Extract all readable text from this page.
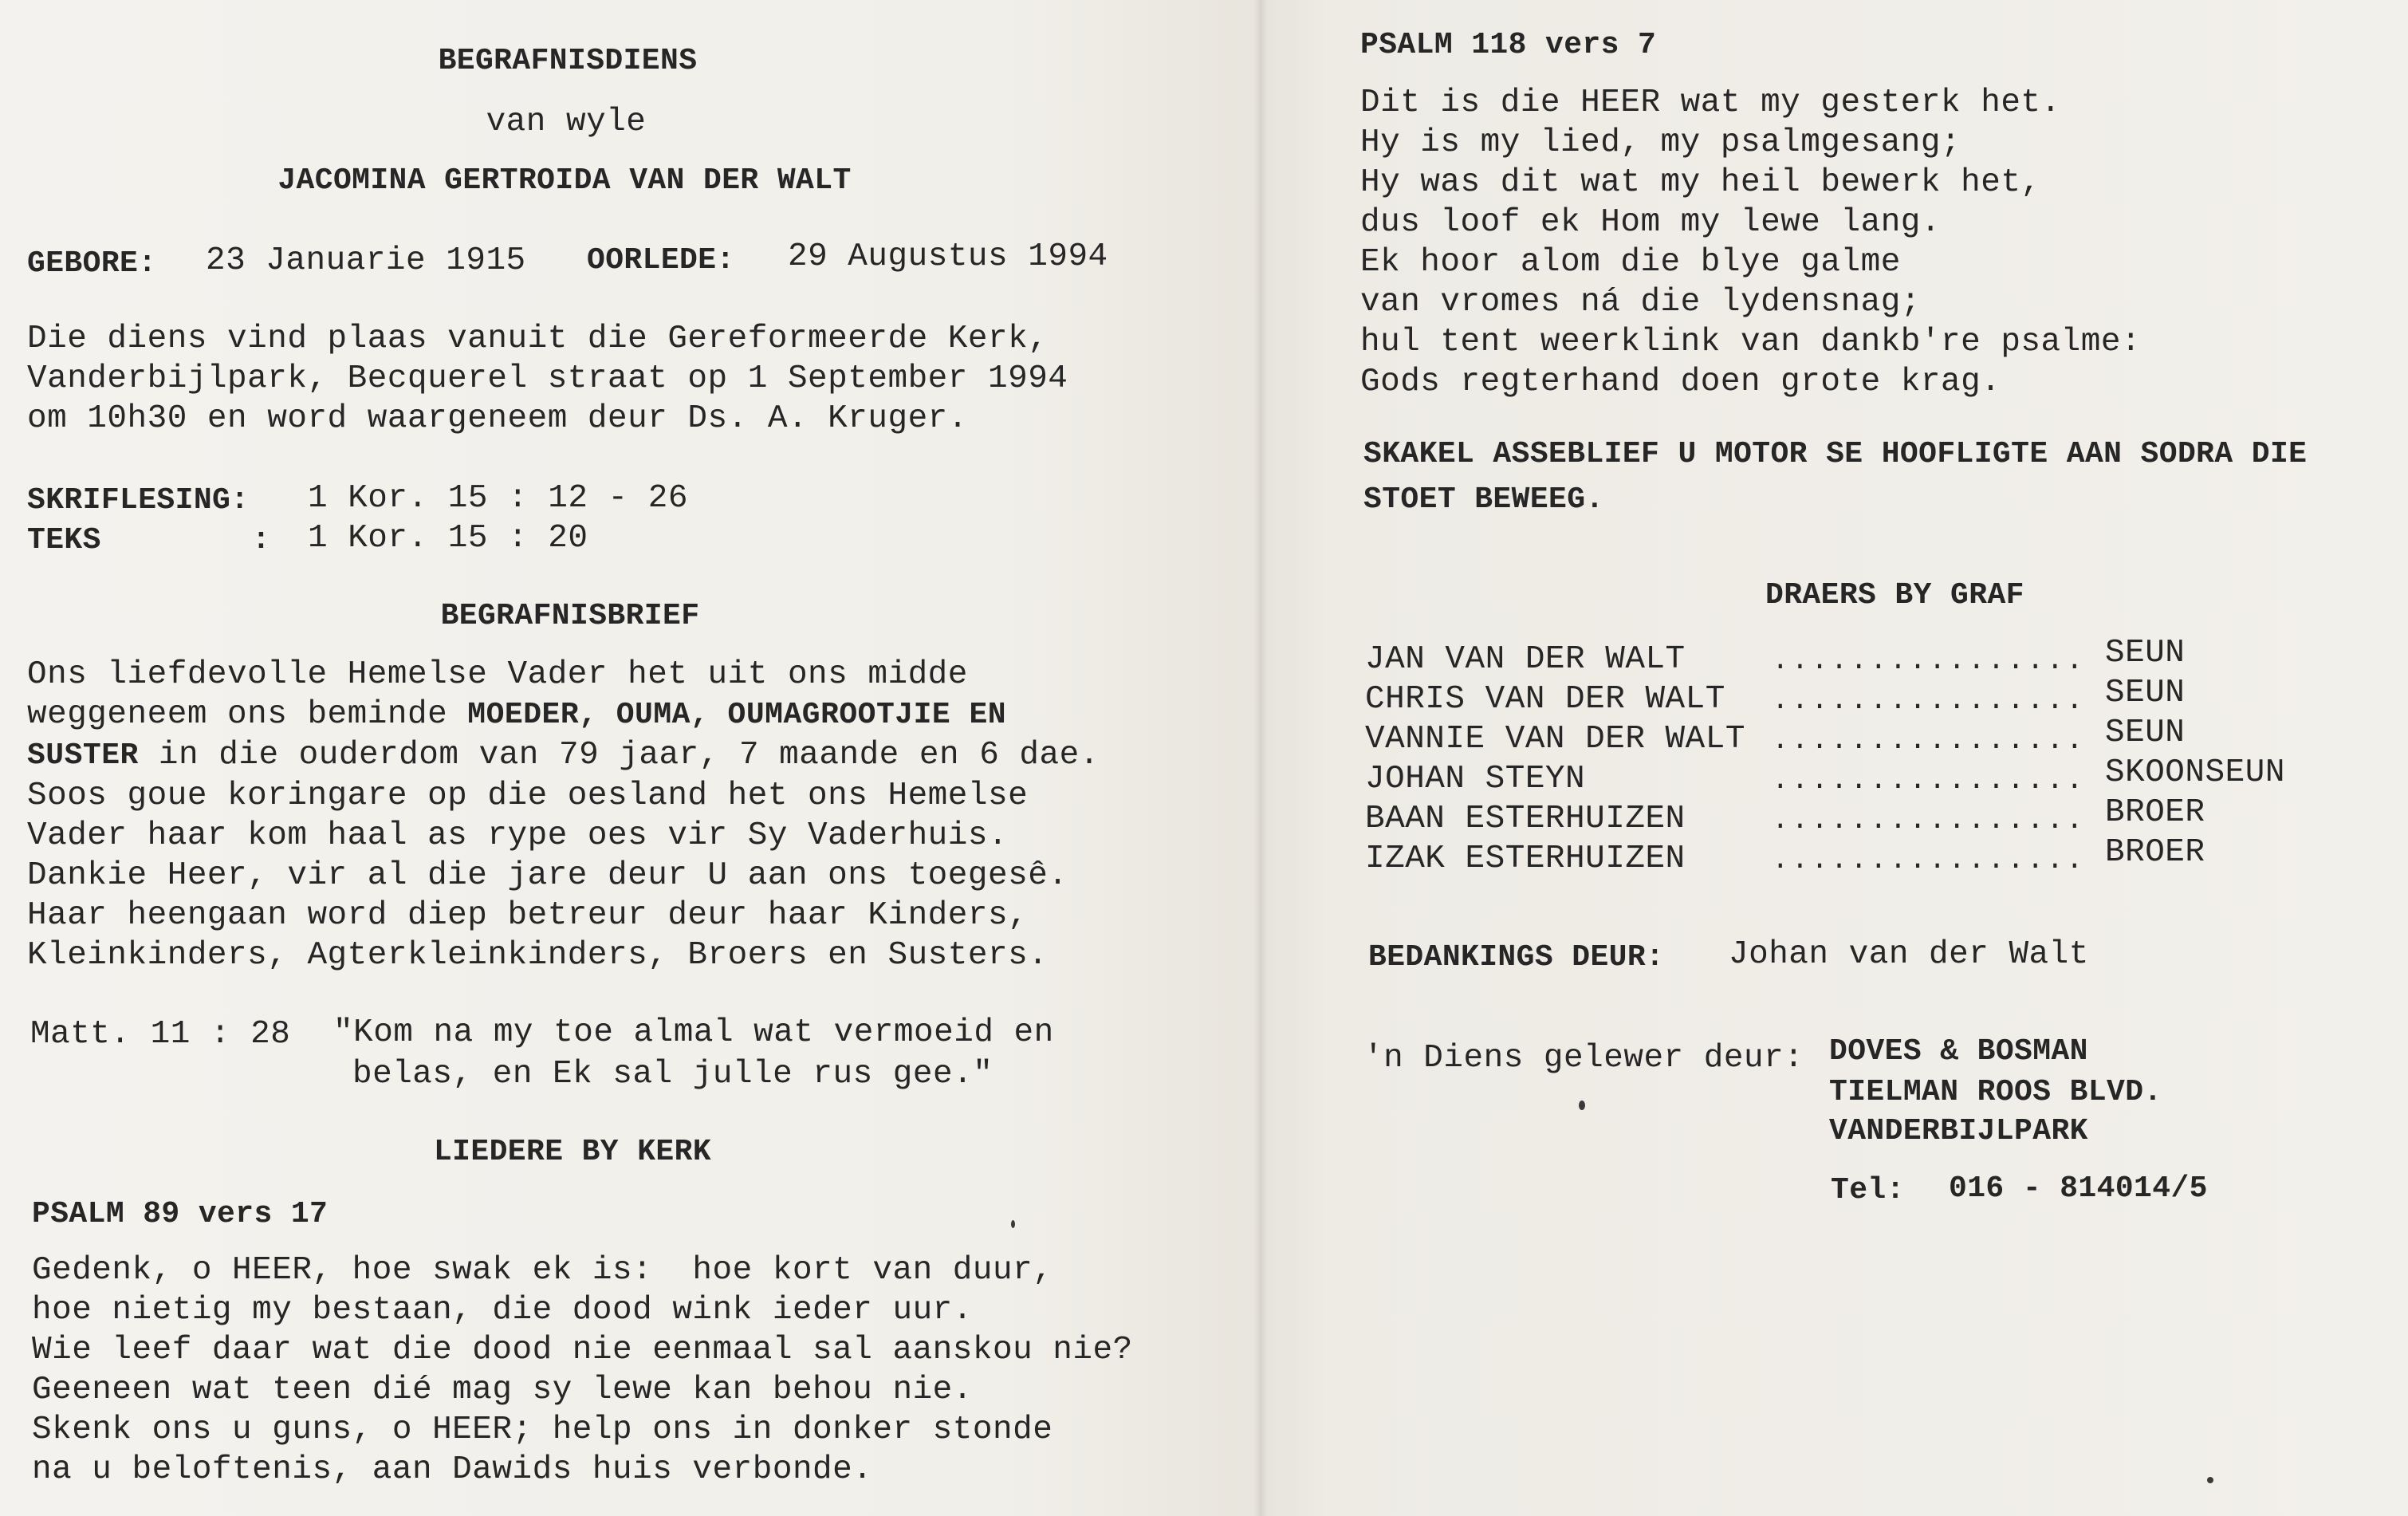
BEGRAFNISDIENS
van wyle
JACOMINA GERTROIDA VAN DER WALT
GEBORE: 23 Januarie 1915 OORLEDE: 29 Augustus 1994
Die diens vind plaas vanuit die Gereformeerde Kerk,
Vanderbijlpark, Becquerel straat op 1 September 1994
om 10h30 en word waargeneem deur Ds. A. Kruger.
SKRIFLESING: 1 Kor. 15 : 12 - 26
TEKS	: 1 Kor. 15 : 20
BEGRAFNISBRIEF
Ons liefdevolle Hemelse Vader het uit ons midde
weggeneem ons beminde MOEDER, OUMA, OUMAGROOTJIE EN
SUSTER in die ouderdom van 79 jaar, 7 maande en 6 dae.
Soos goue koringare op die oesland het ons Hemelse
Vader haar kom haal as rype oes vir Sy Vaderhuis.
Dankie Heer, vir al die jare deur U aan ons toegesê.
Haar heengaan word diep betreur deur haar Kinders,
Kleinkinders, Agterkleinkinders, Broers en Susters.
Matt. 11 : 28 "Kom na my toe almal wat vermoeid en
belas, en Ek sal julle rus gee."
LIEDERE BY KERK
PSALM 89 vers 17
Gedenk, o HEER, hoe swak ek is:  hoe kort van duur,
hoe nietig my bestaan, die dood wink ieder uur.
Wie leef daar wat die dood nie eenmaal sal aanskou nie?
Geeneen wat teen dié mag sy lewe kan behou nie.
Skenk ons u guns, o HEER; help ons in donker stonde
na u beloftenis, aan Dawids huis verbonde.
PSALM 118 vers 7
Dit is die HEER wat my gesterk het.
Hy is my lied, my psalmgesang;
Hy was dit wat my heil bewerk het,
dus loof ek Hom my lewe lang.
Ek hoor alom die blye galme
van vromes ná die lydensnag;
hul tent weerklink van dankb're psalme:
Gods regterhand doen grote krag.
SKAKEL ASSEBLIEF U MOTOR SE HOOFLIGTE AAN SODRA DIE
STOET BEWEEG.
DRAERS BY GRAF
JAN VAN DER WALT
CHRIS VAN DER WALT
VANNIE VAN DER WALT
JOHAN STEYN
BAAN ESTERHUIZEN
IZAK ESTERHUIZEN
................
................
................
................
................
................
SEUN
SEUN
SEUN
SKOONSEUN
BROER
BROER
BEDANKINGS DEUR: Johan van der Walt
'n Diens gelewer deur: DOVES & BOSMAN
TIELMAN ROOS BLVD.
VANDERBIJLPARK
Tel: 016 - 814014/5
